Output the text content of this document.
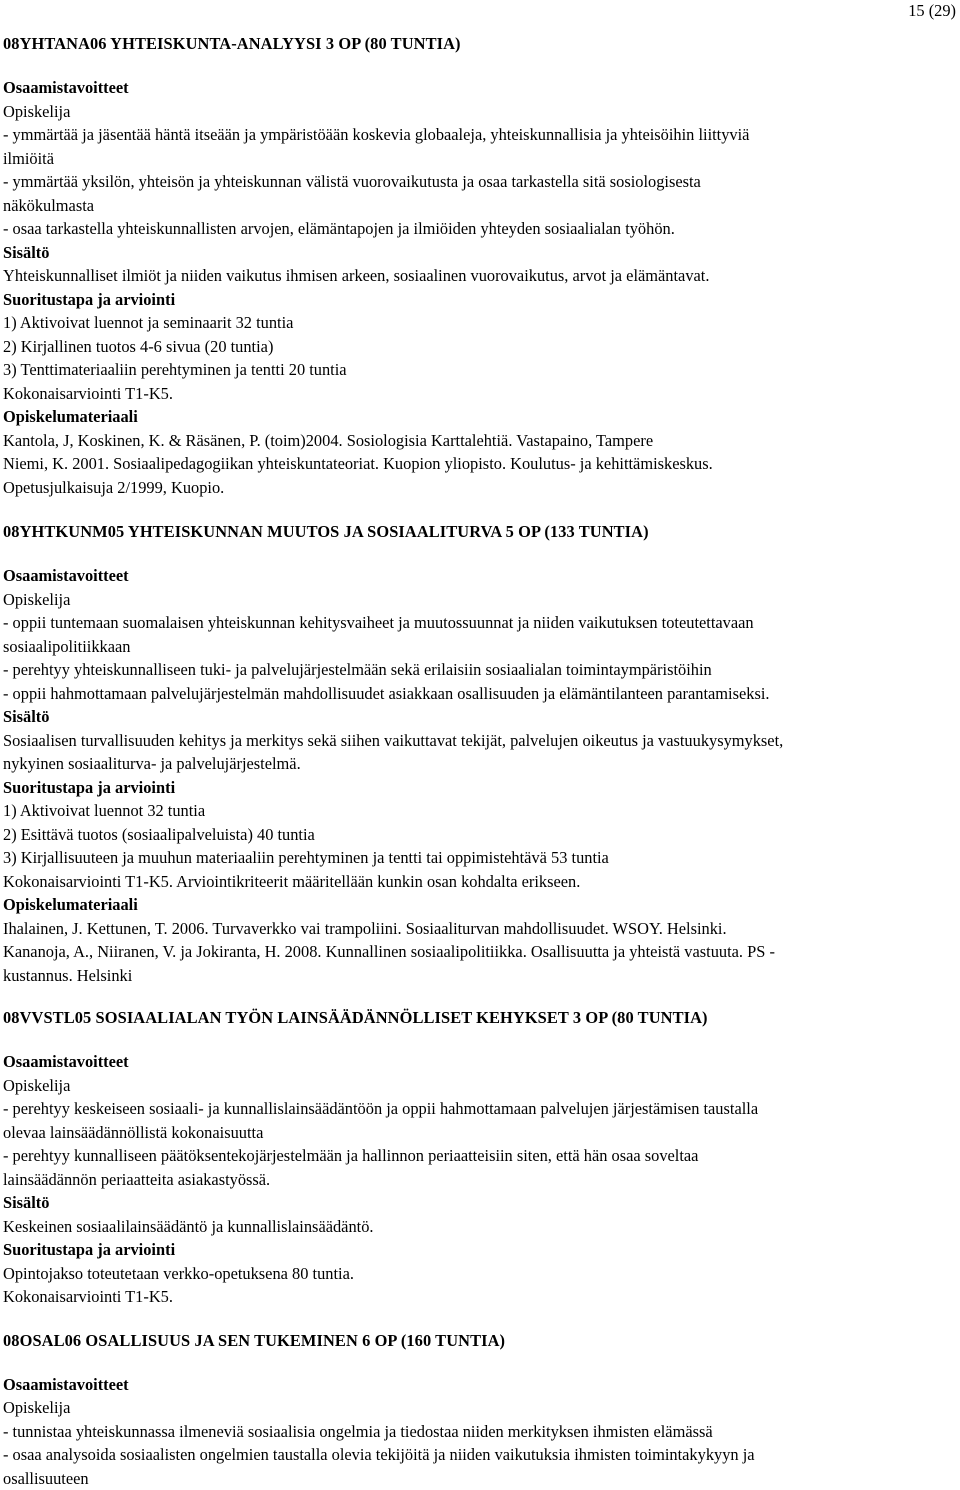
15 (29)
08YHTANA06 YHTEISKUNTA-ANALYYSI 3 OP (80 TUNTIA)
Osaamistavoitteet
Opiskelija
- ymmärtää ja jäsentää häntä itseään ja ympäristöään koskevia globaaleja, yhteiskunnallisia ja yhteisöihin liittyviä
ilmiöitä
- ymmärtää yksilön, yhteisön ja yhteiskunnan välistä vuorovaikutusta ja osaa tarkastella sitä sosiologisesta
näkökulmasta
- osaa tarkastella yhteiskunnallisten arvojen, elämäntapojen ja ilmiöiden yhteyden sosiaalialan työhön.
Sisältö
Yhteiskunnalliset ilmiöt ja niiden vaikutus ihmisen arkeen, sosiaalinen vuorovaikutus, arvot ja elämäntavat.
Suoritustapa ja arviointi
1) Aktivoivat luennot ja seminaarit 32 tuntia
2) Kirjallinen tuotos 4-6 sivua (20 tuntia)
3) Tenttimateriaaliin perehtyminen ja tentti 20 tuntia
Kokonaisarviointi T1-K5.
Opiskelumateriaali
Kantola, J, Koskinen, K. & Räsänen, P. (toim)2004. Sosiologisia Karttalehtiä. Vastapaino, Tampere
Niemi, K. 2001. Sosiaalipedagogiikan yhteiskuntateoriat. Kuopion yliopisto. Koulutus- ja kehittämiskeskus.
Opetusjulkaisuja 2/1999, Kuopio.
08YHTKUNM05 YHTEISKUNNAN MUUTOS JA SOSIAALITURVA 5 OP (133 TUNTIA)
Osaamistavoitteet
Opiskelija
- oppii tuntemaan suomalaisen yhteiskunnan kehitysvaiheet ja muutossuunnat ja niiden vaikutuksen toteutettavaan
sosiaalipolitiikkaan
- perehtyy yhteiskunnalliseen tuki- ja palvelujärjestelmään sekä erilaisiin sosiaalialan toimintaympäristöihin
- oppii hahmottamaan palvelujärjestelmän mahdollisuudet asiakkaan osallisuuden ja elämäntilanteen parantamiseksi.
Sisältö
Sosiaalisen turvallisuuden kehitys ja merkitys sekä siihen vaikuttavat tekijät, palvelujen oikeutus ja vastuukysymykset,
nykyinen sosiaaliturva- ja palvelujärjestelmä.
Suoritustapa ja arviointi
1) Aktivoivat luennot 32 tuntia
2) Esittävä tuotos (sosiaalipalveluista) 40 tuntia
3) Kirjallisuuteen ja muuhun materiaaliin perehtyminen ja tentti tai oppimistehtävä 53 tuntia
Kokonaisarviointi T1-K5. Arviointikriteerit määritellään kunkin osan kohdalta erikseen.
Opiskelumateriaali
Ihalainen, J. Kettunen, T. 2006. Turvaverkko vai trampoliini. Sosiaaliturvan mahdollisuudet. WSOY. Helsinki.
Kananoja, A., Niiranen, V. ja Jokiranta, H. 2008. Kunnallinen sosiaalipolitiikka. Osallisuutta ja yhteistä vastuuta. PS -
kustannus. Helsinki
08VVSTL05 SOSIAALIALAN TYÖN LAINSÄÄDÄNNÖLLISET KEHYKSET 3 OP (80 TUNTIA)
Osaamistavoitteet
Opiskelija
- perehtyy keskeiseen sosiaali- ja kunnallislainsäädäntöön ja oppii hahmottamaan palvelujen järjestämisen taustalla
olevaa lainsäädännöllistä kokonaisuutta
- perehtyy kunnalliseen päätöksentekojärjestelmään ja hallinnon periaatteisiin siten, että hän osaa soveltaa
lainsäädännön periaatteita asiakastyössä.
Sisältö
Keskeinen sosiaalilainsäädäntö ja kunnallislainsäädäntö.
Suoritustapa ja arviointi
Opintojakso toteutetaan verkko-opetuksena 80 tuntia.
Kokonaisarviointi T1-K5.
08OSAL06 OSALLISUUS JA SEN TUKEMINEN 6 OP (160 TUNTIA)
Osaamistavoitteet
Opiskelija
- tunnistaa yhteiskunnassa ilmeneviä sosiaalisia ongelmia ja tiedostaa niiden merkityksen ihmisten elämässä
- osaa analysoida sosiaalisten ongelmien taustalla olevia tekijöitä ja niiden vaikutuksia ihmisten toimintakykyyn ja
osallisuuteen
